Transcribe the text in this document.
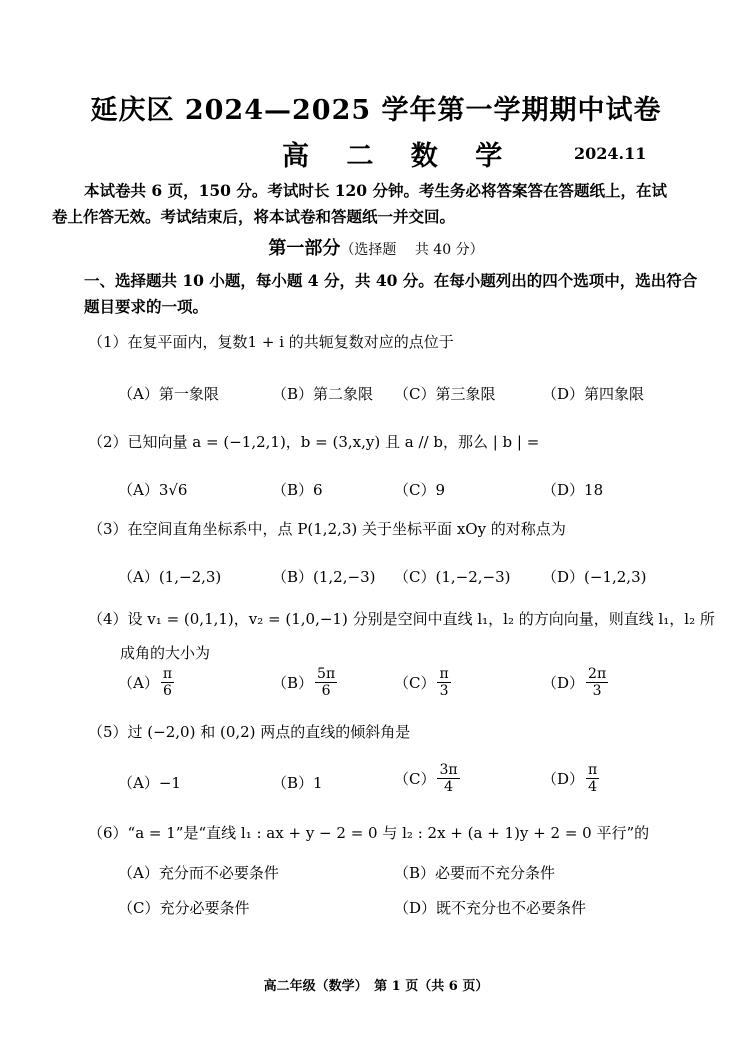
延庆区 2024—2025 学年第一学期期中试卷
高 二 数 学	2024.11
本试卷共 6 页，150 分。考试时长 120 分钟。考生务必将答案答在答题纸上，在试
卷上作答无效。考试结束后，将本试卷和答题纸一并交回。
第一部分（选择题　 共 40 分）
一、选择题共 10 小题，每小题 4 分，共 40 分。在每小题列出的四个选项中，选出符合
题目要求的一项。
（1）在复平面内，复数1 + i 的共轭复数对应的点位于
（A）第一象限	（B）第二象限 （C）第三象限	（D）第四象限
（2）已知向量 a = (−1,2,1)，b = (3,x,y) 且 a // b，那么 | b | =
（A）3√6	（B）6	（C）9	（D）18
（3）在空间直角坐标系中，点 P(1,2,3) 关于坐标平面 xOy 的对称点为
（A）(1,−2,3)	（B）(1,2,−3) （C）(1,−2,−3) （D）(−1,2,3)
（4）设 v₁ = (0,1,1)，v₂ = (1,0,−1) 分别是空间中直线 l₁，l₂ 的方向向量，则直线 l₁，l₂ 所
成角的大小为
$(A) \frac{\pi}{6}$	$(B) \frac{5\pi}{6}$	$(C) \frac{\pi}{3}$	$(D) \frac{2\pi}{3}$
（5）过 (−2,0) 和 (0,2) 两点的直线的倾斜角是
（A）−1	（B）1	$(C) \frac{3\pi}{4}$	$(D) \frac{\pi}{4}$
（6）“a = 1”是“直线 l₁ : ax + y − 2 = 0 与 l₂ : 2x + (a + 1)y + 2 = 0 平行”的
（A）充分而不必要条件	（B）必要而不充分条件
（C）充分必要条件	（D）既不充分也不必要条件
高二年级（数学）　第 1 页（共 6 页）
